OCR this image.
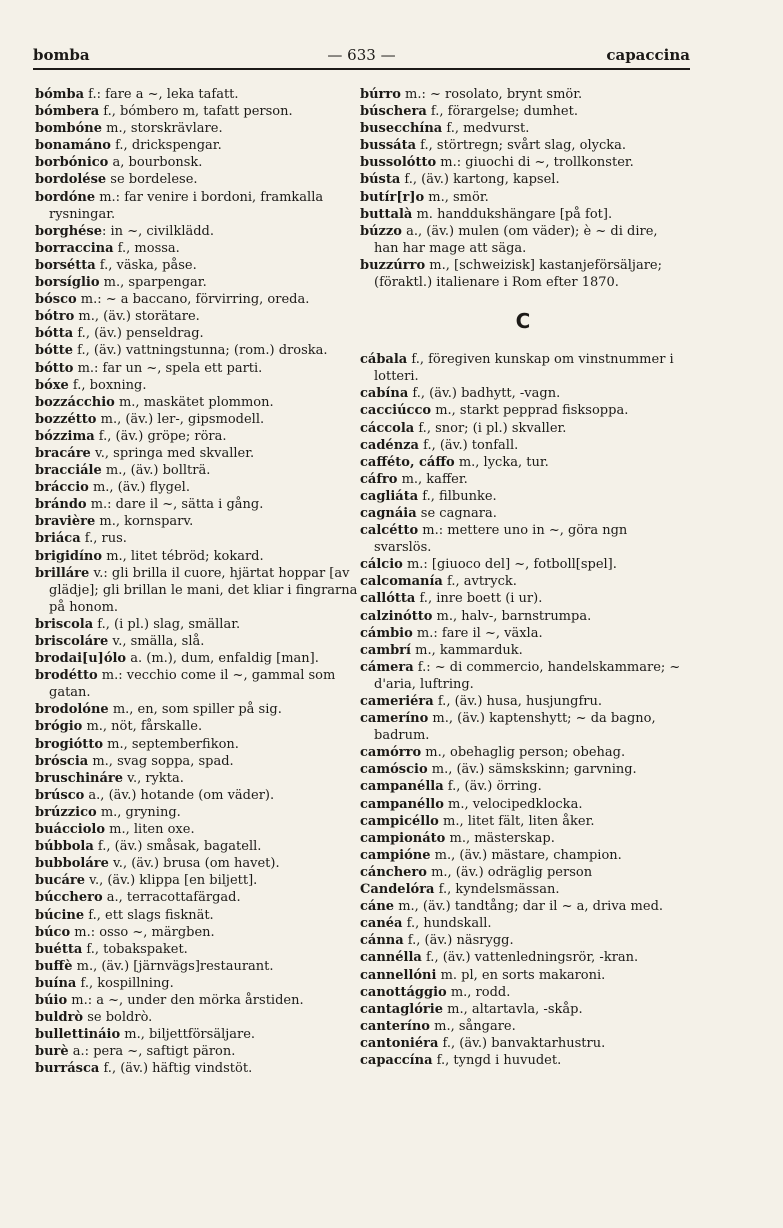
bomba	— 633 —	capaccina

bómba f.: fare a ~, leka tafatt.

bómbera f., bómbero m, tafatt person.

bombóne m., storskrävlare.

bonamáno f., drickspengar.

borbónico a, bourbonsk.

bordolése se bordelese.

bordóne m.: far venire i bordoni, framkalla rysningar.

borghése: in ~, civilklädd.

borraccina f., mossa.

borsétta f., väska, påse.

borsíglio m., sparpengar.

bósco m.: ~ a baccano, förvirring, oreda.

bótro m., (äv.) storätare.

bótta f., (äv.) penseldrag.

bótte f., (äv.) vattningstunna; (rom.) droska.

bótto m.: far un ~, spela ett parti.

bóxe f., boxning.

bozzácchio m., maskätet plommon.

bozzétto m., (äv.) ler-, gipsmodell.

bózzima f., (äv.) gröpe; röra.

bracáre v., springa med skvaller.

bracciále m., (äv.) bollträ.

bráccio m., (äv.) flygel.

brándo m.: dare il ~, sätta i gång.

bravière m., kornsparv.

briáca f., rus.

brigidíno m., litet tébröd; kokard.

brilláre v.: gli brilla il cuore, hjärtat hoppar [av glädje]; gli brillan le mani, det kliar i fingrarna på honom.

briscola f., (i pl.) slag, smällar.

briscoláre v., smälla, slå.

brodai[u]ólo a. (m.), dum, enfaldig [man].

brodétto m.: vecchio come il ~, gammal som gatan.

brodolóne m., en, som spiller på sig.

brógio m., nöt, fårskalle.

brogiótto m., septemberfikon.

bróscia m., svag soppa, spad.

bruschináre v., rykta.

brúsco a., (äv.) hotande (om väder).

brúzzico m., gryning.

buácciolo m., liten oxe.

búbbola f., (äv.) småsak, bagatell.

bubboláre v., (äv.) brusa (om havet).

bucáre v., (äv.) klippa [en biljett].

búcchero a., terracottafärgad.

búcine f., ett slags fisknät.

búco m.: osso ~, märgben.

buétta f., tobakspaket.

buffè m., (äv.) [järnvägs]restaurant.

buína f., kospillning.

búio m.: a ~, under den mörka årstiden.

buldrò se boldrò.

bullettináio m., biljettförsäljare.

burè a.: pera ~, saftigt päron.

burrásca f., (äv.) häftig vindstöt.

búrro m.: ~ rosolato, brynt smör.

búschera f., förargelse; dumhet.

busecchína f., medvurst.

bussáta f., störtregn; svårt slag, olycka.

bussolótto m.: giuochi di ~, trollkonster.

bústa f., (äv.) kartong, kapsel.

butír[r]o m., smör.

buttalà m. handdukshängare [på fot].

búzzo a., (äv.) mulen (om väder); è ~ di dire, han har mage att säga.

buzzúrro m., [schweizisk] kastanjeförsäljare; (föraktl.) italienare i Rom efter 1870.

C

cábala f., föregiven kunskap om vinstnummer i lotteri.

cabína f., (äv.) badhytt, -vagn.

cacciúcco m., starkt pepprad fisksoppa.

cáccola f., snor; (i pl.) skvaller.

cadénza f., (äv.) tonfall.

cafféto, cáffo m., lycka, tur.

cáfro m., kaffer.

cagliáta f., filbunke.

cagnáia se cagnara.

calcétto m.: mettere uno in ~, göra ngn svarslös.

cálcio m.: [giuoco del] ~, fotboll[spel].

calcomanía f., avtryck.

callótta f., inre boett (i ur).

calzinótto m., halv-, barnstrumpa.

cámbio m.: fare il ~, växla.

cambrí m., kammarduk.

cámera f.: ~ di commercio, handelskammare; ~ d'aria, luftring.

cameriéra f., (äv.) husa, husjungfru.

cameríno m., (äv.) kaptenshytt; ~ da bagno, badrum.

camórro m., obehaglig person; obehag.

camóscio m., (äv.) sämskskinn; garvning.

campanélla f., (äv.) örring.

campanéllo m., velocipedklocka.

campicéllo m., litet fält, liten åker.

campionáto m., mästerskap.

campióne m., (äv.) mästare, champion.

cánchero m., (äv.) odräglig person

Candelóra f., kyndelsmässan.

cáne m., (äv.) tandtång; dar il ~ a, driva med.

canéa f., hundskall.

cánna f., (äv.) näsrygg.

cannélla f., (äv.) vattenledningsrör, -kran.

cannellóni m. pl, en sorts makaroni.

canottággio m., rodd.

cantaglórie m., altartavla, -skåp.

canteríno m., sångare.

cantoniéra f., (äv.) banvaktarhustru.

capaccína f., tyngd i huvudet.
